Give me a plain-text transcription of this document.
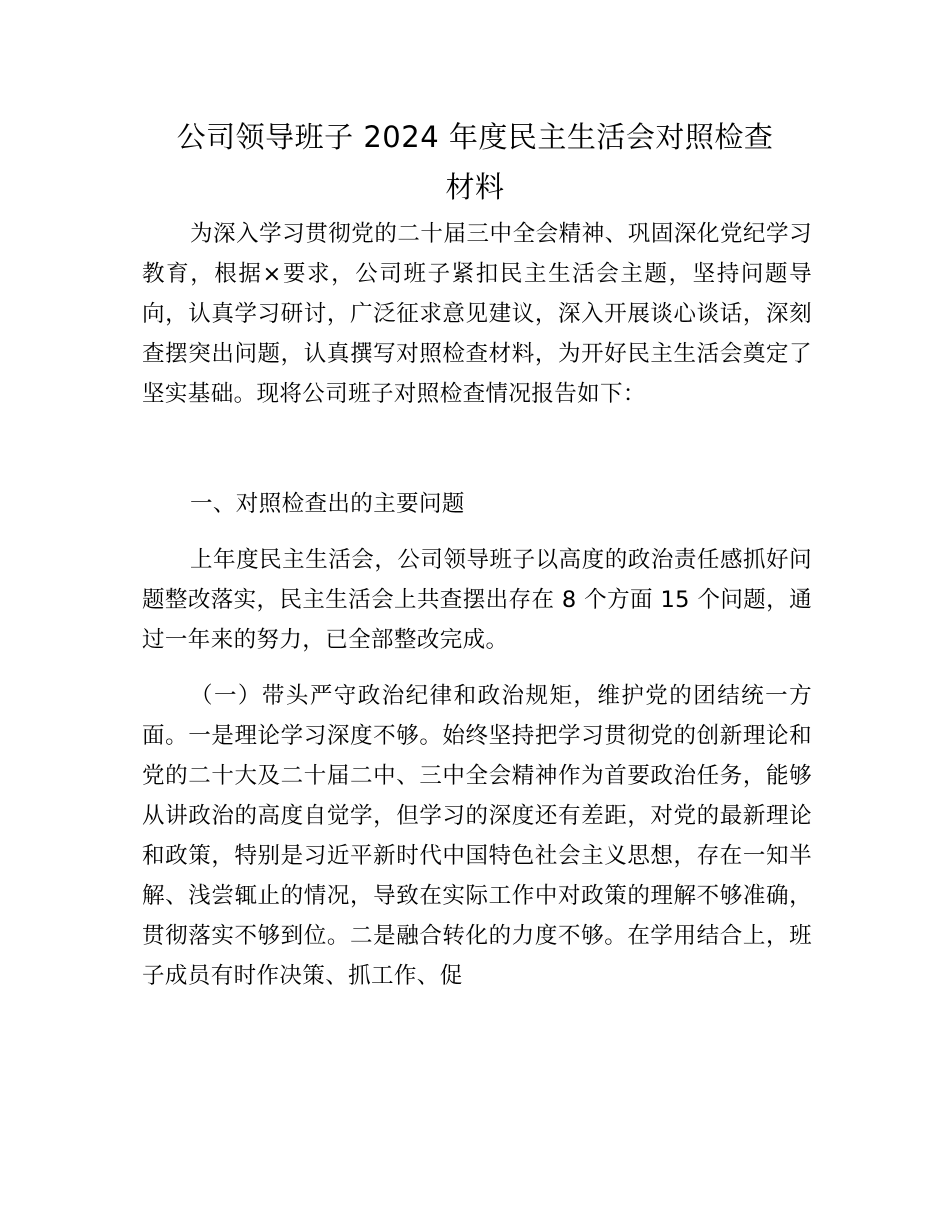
公司领导班子 2024 年度民主生活会对照检查
材料

为深入学习贯彻党的二十届三中全会精神、巩固深化党纪学习教育，根据×要求，公司班子紧扣民主生活会主题，坚持问题导向，认真学习研讨，广泛征求意见建议，深入开展谈心谈话，深刻查摆突出问题，认真撰写对照检查材料，为开好民主生活会奠定了坚实基础。现将公司班子对照检查情况报告如下：

一、对照检查出的主要问题

上年度民主生活会，公司领导班子以高度的政治责任感抓好问题整改落实，民主生活会上共查摆出存在 8 个方面 15 个问题，通过一年来的努力，已全部整改完成。

（一）带头严守政治纪律和政治规矩，维护党的团结统一方面。一是理论学习深度不够。始终坚持把学习贯彻党的创新理论和党的二十大及二十届二中、三中全会精神作为首要政治任务，能够从讲政治的高度自觉学，但学习的深度还有差距，对党的最新理论和政策，特别是习近平新时代中国特色社会主义思想，存在一知半解、浅尝辄止的情况，导致在实际工作中对政策的理解不够准确，贯彻落实不够到位。二是融合转化的力度不够。在学用结合上，班子成员有时作决策、抓工作、促
